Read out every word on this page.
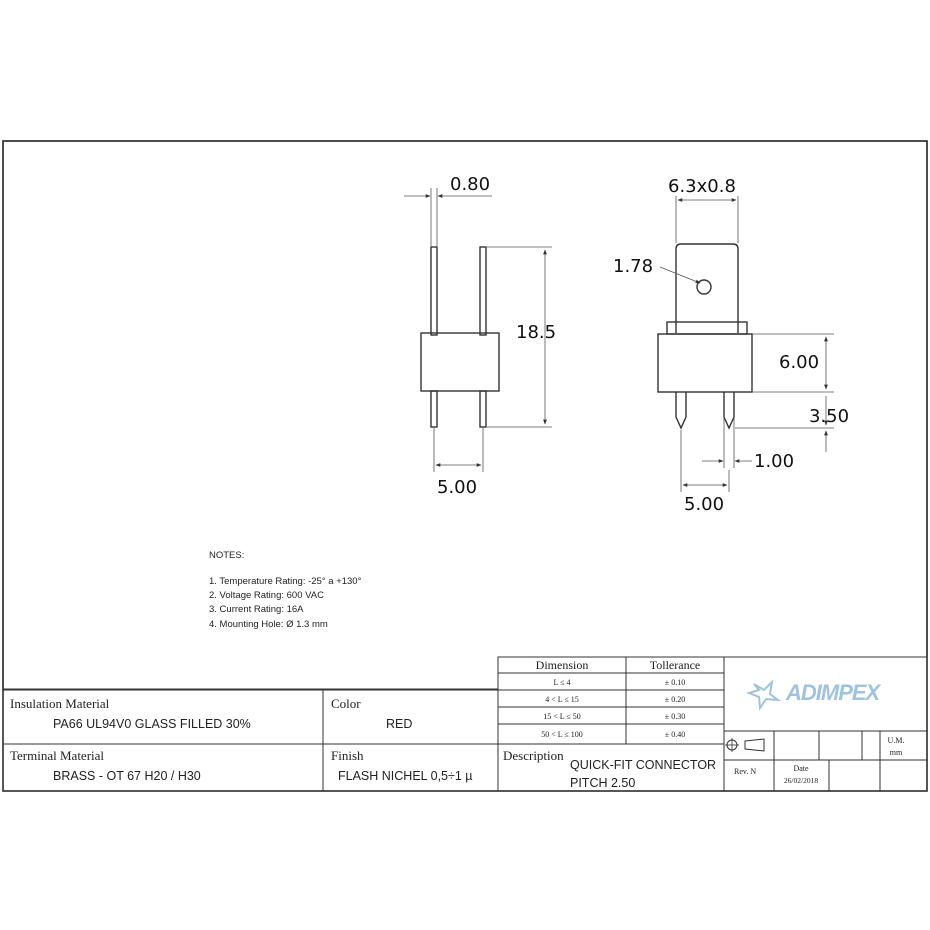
0.80	6.3x0.8
1.78
18.5
6.00
3.50
1.00
5.00
5.00
NOTES:
1. Temperature Rating: -25° a +130°
2. Voltage Rating: 600 VAC
3. Current Rating: 16A
4. Mounting Hole: Ø 1.3 mm
Dimension	Tollerance
L ≤ 4	± 0.10
4 < L ≤ 15	± 0.20
15 < L ≤ 50	± 0.30
50 < L ≤ 100	± 0.40
Insulation Material
PA66 UL94V0 GLASS FILLED 30%
Color
RED
Terminal Material
BRASS - OT 67 H20 / H30
Finish
FLASH NICHEL 0,5÷1 µ
Description
QUICK-FIT CONNECTOR
PITCH 2.50
Rev. N	Date
26/02/2018
U.M.
mm
ADIMPEX
